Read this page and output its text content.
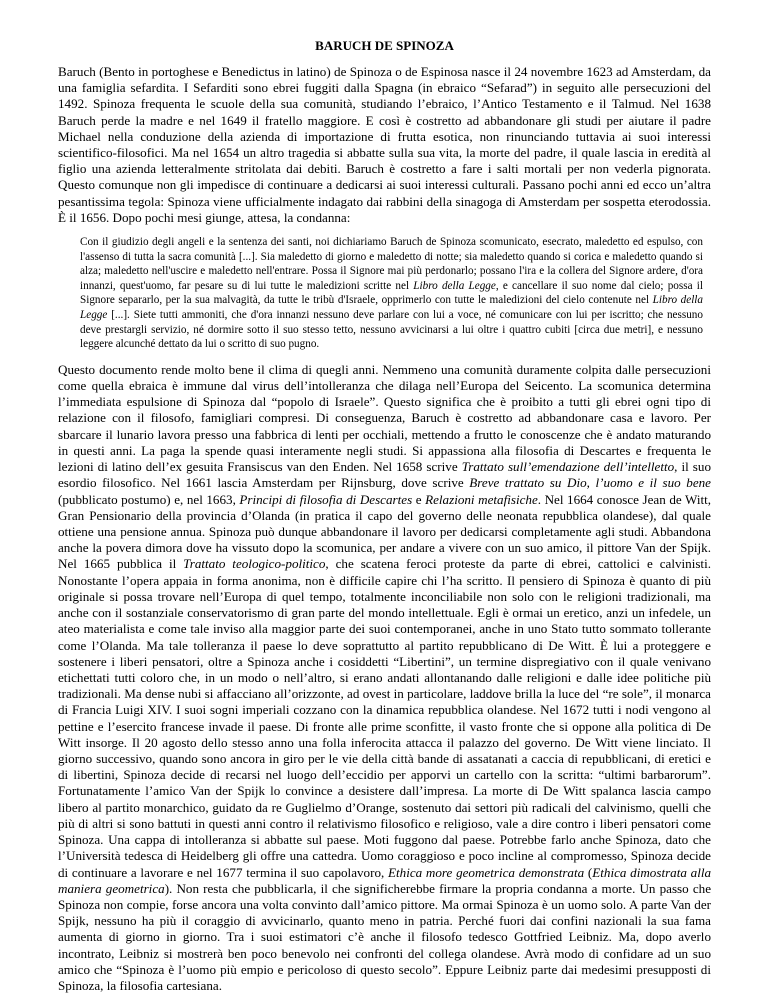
BARUCH DE SPINOZA

Baruch (Bento in portoghese e Benedictus in latino) de Spinoza o de Espinosa nasce il 24 novembre 1623 ad Amsterdam, da una famiglia sefardita. I Sefarditi sono ebrei fuggiti dalla Spagna (in ebraico “Sefarad”) in seguito alle persecuzioni del 1492. Spinoza frequenta le scuole della sua comunità, studiando l’ebraico, l’Antico Testamento e il Talmud. Nel 1638 Baruch perde la madre e nel 1649 il fratello maggiore. E così è costretto ad abbandonare gli studi per aiutare il padre Michael nella conduzione della azienda di importazione di frutta esotica, non rinunciando tuttavia ai suoi interessi scientifico-filosofici. Ma nel 1654 un altro tragedia si abbatte sulla sua vita, la morte del padre, il quale lascia in eredità al figlio una azienda letteralmente stritolata dai debiti. Baruch è costretto a fare i salti mortali per non vederla pignorata. Questo comunque non gli impedisce di continuare a dedicarsi ai suoi interessi culturali. Passano pochi anni ed ecco un’altra pesantissima tegola: Spinoza viene ufficialmente indagato dai rabbini della sinagoga di Amsterdam per sospetta eterodossia. È il 1656. Dopo pochi mesi giunge, attesa, la condanna:

Con il giudizio degli angeli e la sentenza dei santi, noi dichiariamo Baruch de Spinoza scomunicato, esecrato, maledetto ed espulso, con l'assenso di tutta la sacra comunità [...]. Sia maledetto di giorno e maledetto di notte; sia maledetto quando si corica e maledetto quando si alza; maledetto nell'uscire e maledetto nell'entrare. Possa il Signore mai più perdonarlo; possano l'ira e la collera del Signore ardere, d'ora innanzi, quest'uomo, far pesare su di lui tutte le maledizioni scritte nel Libro della Legge, e cancellare il suo nome dal cielo; possa il Signore separarlo, per la sua malvagità, da tutte le tribù d'Israele, opprimerlo con tutte le maledizioni del cielo contenute nel Libro della Legge [...]. Siete tutti ammoniti, che d'ora innanzi nessuno deve parlare con lui a voce, né comunicare con lui per iscritto; che nessuno deve prestargli servizio, né dormire sotto il suo stesso tetto, nessuno avvicinarsi a lui oltre i quattro cubiti [circa due metri], e nessuno leggere alcunché dettato da lui o scritto di suo pugno.

Questo documento rende molto bene il clima di quegli anni. Nemmeno una comunità duramente colpita dalle persecuzioni come quella ebraica è immune dal virus dell’intolleranza che dilaga nell’Europa del Seicento. La scomunica determina l’immediata espulsione di Spinoza dal “popolo di Israele”. Questo significa che è proibito a tutti gli ebrei ogni tipo di relazione con il filosofo, famigliari compresi. Di conseguenza, Baruch è costretto ad abbandonare casa e lavoro. Per sbarcare il lunario lavora presso una fabbrica di lenti per occhiali, mettendo a frutto le conoscenze che è andato maturando in questi anni. La paga la spende quasi interamente negli studi. Si appassiona alla filosofia di Descartes e frequenta le lezioni di latino dell’ex gesuita Fransiscus van den Enden. Nel 1658 scrive Trattato sull’emendazione dell’intelletto, il suo esordio filosofico. Nel 1661 lascia Amsterdam per Rijnsburg, dove scrive Breve trattato su Dio, l’uomo e il suo bene (pubblicato postumo) e, nel 1663, Principi di filosofia di Descartes e Relazioni metafisiche. Nel 1664 conosce Jean de Witt, Gran Pensionario della provincia d’Olanda (in pratica il capo del governo delle neonata repubblica olandese), dal quale ottiene una pensione annua. Spinoza può dunque abbandonare il lavoro per dedicarsi completamente agli studi. Abbandona anche la povera dimora dove ha vissuto dopo la scomunica, per andare a vivere con un suo amico, il pittore Van der Spijk. Nel 1665 pubblica il Trattato teologico-politico, che scatena feroci proteste da parte di ebrei, cattolici e calvinisti. Nonostante l’opera appaia in forma anonima, non è difficile capire chi l’ha scritto. Il pensiero di Spinoza è quanto di più originale si possa trovare nell’Europa di quel tempo, totalmente inconciliabile non solo con le religioni tradizionali, ma anche con il sostanziale conservatorismo di gran parte del mondo intellettuale. Egli è ormai un eretico, anzi un infedele, un ateo materialista e come tale inviso alla maggior parte dei suoi contemporanei, anche in uno Stato tutto sommato tollerante come l’Olanda. Ma tale tolleranza il paese lo deve soprattutto al partito repubblicano di De Witt. È lui a proteggere e sostenere i liberi pensatori, oltre a Spinoza anche i cosiddetti “Libertini”, un termine dispregiativo con il quale venivano etichettati tutti coloro che, in un modo o nell’altro, si erano andati allontanando dalle religioni e dalle idee politiche più tradizionali. Ma dense nubi si affacciano all’orizzonte, ad ovest in particolare, laddove brilla la luce del “re sole”, il monarca di Francia Luigi XIV. I suoi sogni imperiali cozzano con la dinamica repubblica olandese. Nel 1672 tutti i nodi vengono al pettine e l’esercito francese invade il paese. Di fronte alle prime sconfitte, il vasto fronte che si oppone alla politica di De Witt insorge. Il 20 agosto dello stesso anno una folla inferocita attacca il palazzo del governo. De Witt viene linciato. Il giorno successivo, quando sono ancora in giro per le vie della città bande di assatanati a caccia di repubblicani, di eretici e di libertini, Spinoza decide di recarsi nel luogo dell’eccidio per apporvi un cartello con la scritta: “ultimi barbarorum”. Fortunatamente l’amico Van der Spijk lo convince a desistere dall’impresa. La morte di De Witt spalanca lascia campo libero al partito monarchico, guidato da re Guglielmo d’Orange, sostenuto dai settori più radicali del calvinismo, quelli che più di altri si sono battuti in questi anni contro il relativismo filosofico e religioso, vale a dire contro i liberi pensatori come Spinoza. Una cappa di intolleranza si abbatte sul paese. Moti fuggono dal paese. Potrebbe farlo anche Spinoza, dato che l’Università tedesca di Heidelberg gli offre una cattedra. Uomo coraggioso e poco incline al compromesso, Spinoza decide di continuare a lavorare e nel 1677 termina il suo capolavoro, Ethica more geometrica demonstrata (Ethica dimostrata alla maniera geometrica). Non resta che pubblicarla, il che significherebbe firmare la propria condanna a morte. Un passo che Spinoza non compie, forse ancora una volta convinto dall’amico pittore. Ma ormai Spinoza è un uomo solo. A parte Van der Spijk, nessuno ha più il coraggio di avvicinarlo, quanto meno in patria. Perché fuori dai confini nazionali la sua fama aumenta di giorno in giorno. Tra i suoi estimatori c’è anche il filosofo tedesco Gottfried Leibniz. Ma, dopo averlo incontrato, Leibniz si mostrerà ben poco benevolo nei confronti del collega olandese. Avrà modo di confidare ad un suo amico che “Spinoza è l’uomo più empio e pericoloso di questo secolo”. Eppure Leibniz parte dai medesimi presupposti di Spinoza, la filosofia cartesiana.
